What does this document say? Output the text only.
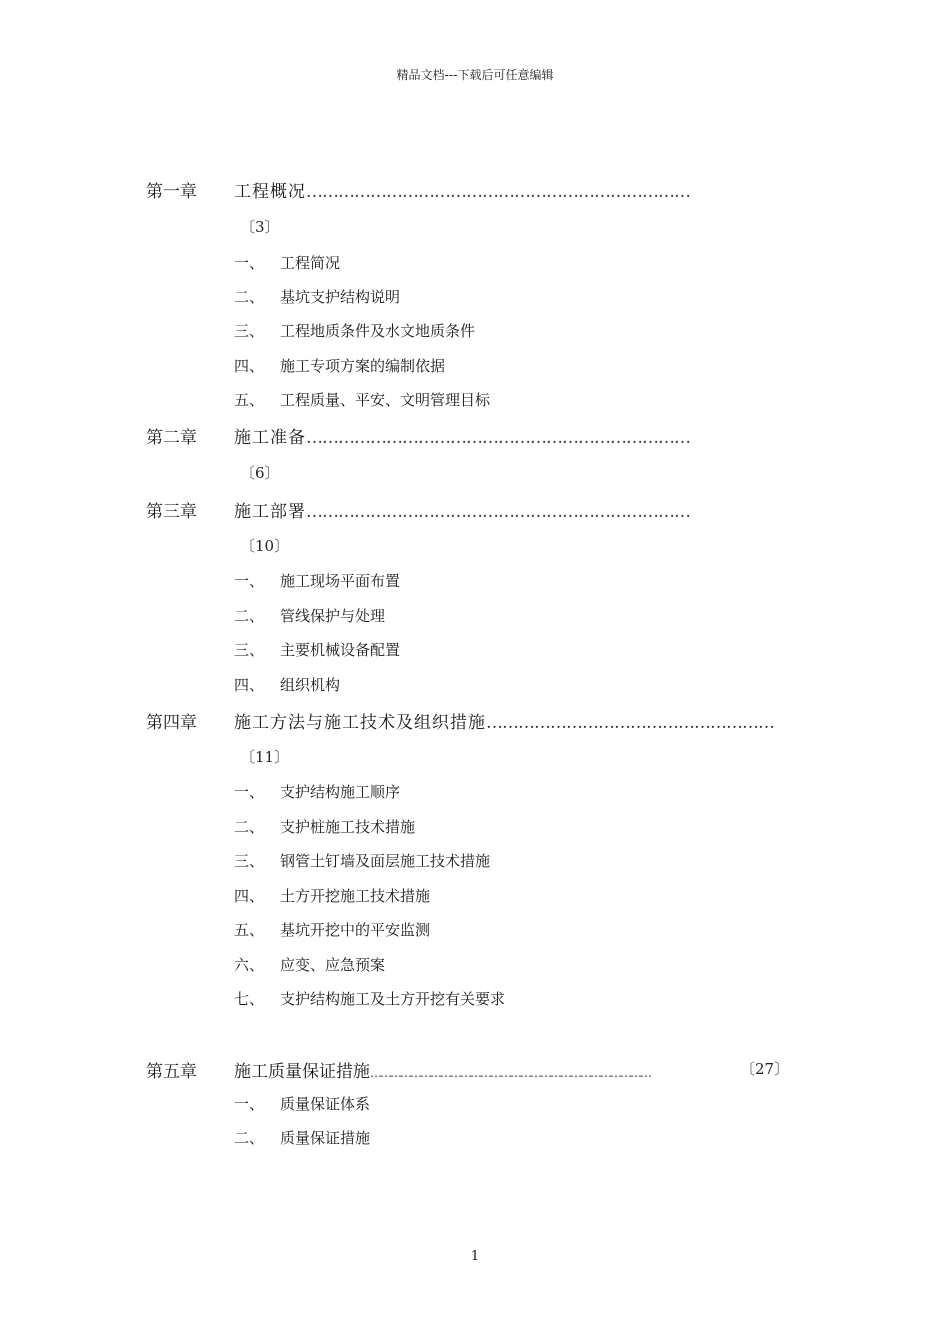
精品文档---下载后可任意编辑
第一章 工程概况………………………………………………………………
〔3〕
一、 工程简况
二、 基坑支护结构说明
三、 工程地质条件及水文地质条件
四、 施工专项方案的编制依据
五、 工程质量、平安、文明管理目标
第二章 施工准备………………………………………………………………
〔6〕
第三章 施工部署………………………………………………………………
〔10〕
一、 施工现场平面布置
二、 管线保护与处理
三、 主要机械设备配置
四、 组织机构
第四章 施工方法与施工技术及组织措施………………………………………………
〔11〕
一、 支护结构施工顺序
二、 支护桩施工技术措施
三、 钢管土钉墙及面层施工技术措施
四、 土方开挖施工技术措施
五、 基坑开挖中的平安监测
六、 应变、应急预案
七、 支护结构施工及土方开挖有关要求
第五章 施工质量保证措施…………………………………………………………………………	〔27〕
一、 质量保证体系
二、 质量保证措施
1
